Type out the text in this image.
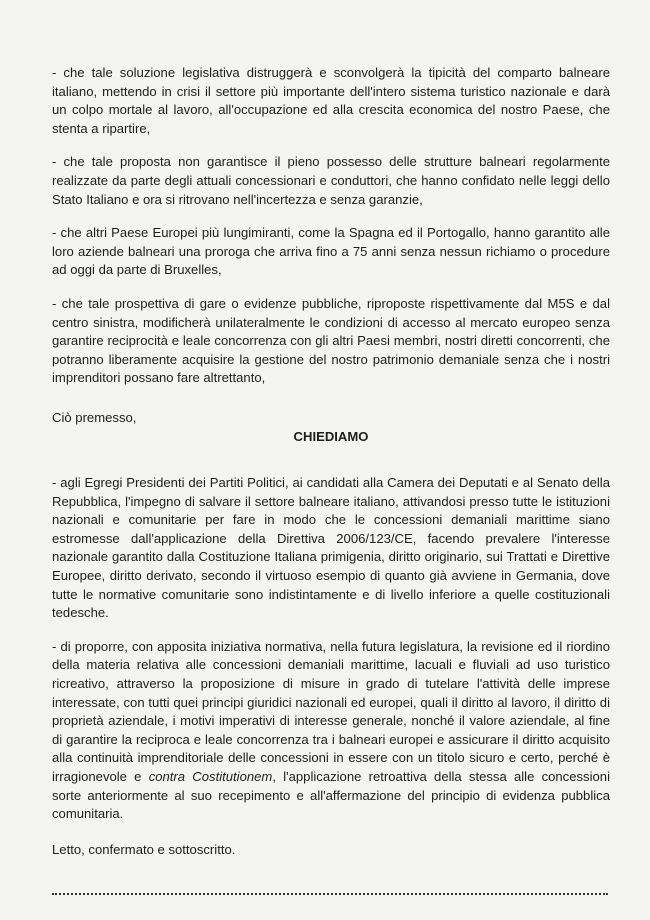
- che tale soluzione legislativa distruggerà e sconvolgerà la tipicità del comparto balneare italiano, mettendo in crisi il settore più importante dell'intero sistema turistico nazionale e darà un colpo mortale al lavoro, all'occupazione ed alla crescita economica del nostro Paese, che stenta a ripartire,

- che tale proposta non garantisce il pieno possesso delle strutture balneari regolarmente realizzate da parte degli attuali concessionari e conduttori, che hanno confidato nelle leggi dello Stato Italiano e ora si ritrovano nell'incertezza e senza garanzie,

- che altri Paese Europei più lungimiranti, come la Spagna ed il Portogallo, hanno garantito alle loro aziende balneari una proroga che arriva fino a 75 anni senza nessun richiamo o procedure ad oggi da parte di Bruxelles,

- che tale prospettiva di gare o evidenze pubbliche, riproposte rispettivamente dal M5S e dal centro sinistra, modificherà unilateralmente le condizioni di accesso al mercato europeo senza garantire reciprocità e leale concorrenza con gli altri Paesi membri, nostri diretti concorrenti, che potranno liberamente acquisire la gestione del nostro patrimonio demaniale senza che i nostri imprenditori possano fare altrettanto,

Ciò premesso,

CHIEDIAMO

- agli Egregi Presidenti dei Partiti Politici, ai candidati alla Camera dei Deputati e al Senato della Repubblica, l'impegno di salvare il settore balneare italiano, attivandosi presso tutte le istituzioni nazionali e comunitarie per fare in modo che le concessioni demaniali marittime siano estromesse dall'applicazione della Direttiva 2006/123/CE, facendo prevalere l'interesse nazionale garantito dalla Costituzione Italiana primigenia, diritto originario, sui Trattati e Direttive Europee, diritto derivato, secondo il virtuoso esempio di quanto già avviene in Germania, dove tutte le normative comunitarie sono indistintamente e di livello inferiore a quelle costituzionali tedesche.

- di proporre, con apposita iniziativa normativa, nella futura legislatura, la revisione ed il riordino della materia relativa alle concessioni demaniali marittime, lacuali e fluviali ad uso turistico ricreativo, attraverso la proposizione di misure in grado di tutelare l'attività delle imprese interessate, con tutti quei principi giuridici nazionali ed europei, quali il diritto al lavoro, il diritto di proprietà aziendale, i motivi imperativi di interesse generale, nonché il valore aziendale, al fine di garantire la reciproca e leale concorrenza tra i balneari europei e assicurare il diritto acquisito alla continuità imprenditoriale delle concessioni in essere con un titolo sicuro e certo, perché è irragionevole e contra Costitutionem, l'applicazione retroattiva della stessa alle concessioni sorte anteriormente al suo recepimento e all'affermazione del principio di evidenza pubblica comunitaria.

Letto, confermato e sottoscritto.
